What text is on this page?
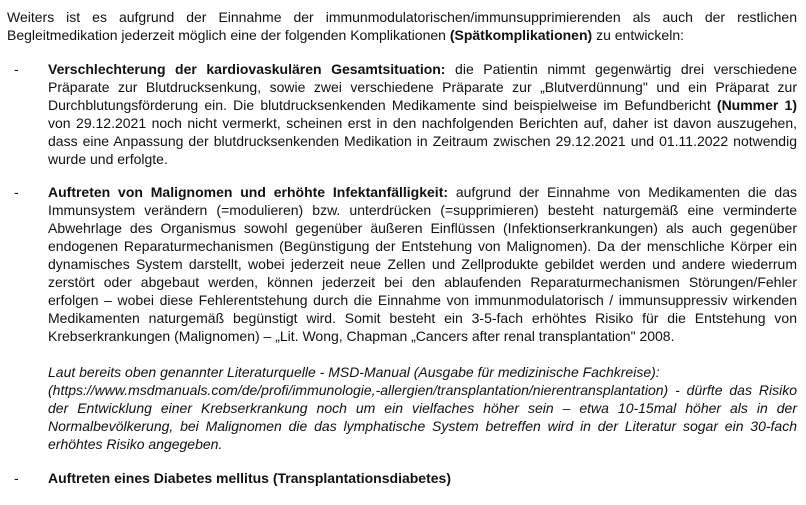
Weiters ist es aufgrund der Einnahme der immunmodulatorischen/immunsupprimierenden als auch der restlichen Begleitmedikation jederzeit möglich eine der folgenden Komplikationen (Spätkomplikationen) zu entwickeln:

- Verschlechterung der kardiovaskulären Gesamtsituation: die Patientin nimmt gegenwärtig drei verschiedene Präparate zur Blutdrucksenkung, sowie zwei verschiedene Präparate zur „Blutverdünnung" und ein Präparat zur Durchblutungsförderung ein. Die blutdrucksenkenden Medikamente sind beispielweise im Befundbericht (Nummer 1) von 29.12.2021 noch nicht vermerkt, scheinen erst in den nachfolgenden Berichten auf, daher ist davon auszugehen, dass eine Anpassung der blutdrucksenkenden Medikation in Zeitraum zwischen 29.12.2021 und 01.11.2022 notwendig wurde und erfolgte.

- Auftreten von Malignomen und erhöhte Infektanfälligkeit: aufgrund der Einnahme von Medikamenten die das Immunsystem verändern (=modulieren) bzw. unterdrücken (=supprimieren) besteht naturgemäß eine verminderte Abwehrlage des Organismus sowohl gegenüber äußeren Einflüssen (Infektionserkrankungen) als auch gegenüber endogenen Reparaturmechanismen (Begünstigung der Entstehung von Malignomen). Da der menschliche Körper ein dynamisches System darstellt, wobei jederzeit neue Zellen und Zellprodukte gebildet werden und andere wiederrum zerstört oder abgebaut werden, können jederzeit bei den ablaufenden Reparaturmechanismen Störungen/Fehler erfolgen – wobei diese Fehlerentstehung durch die Einnahme von immunmodulatorisch / immunsuppressiv wirkenden Medikamenten naturgemäß begünstigt wird. Somit besteht ein 3-5-fach erhöhtes Risiko für die Entstehung von Krebserkrankungen (Malignomen) – „Lit. Wong, Chapman „Cancers after renal transplantation" 2008.

Laut bereits oben genannter Literaturquelle - MSD-Manual (Ausgabe für medizinische Fachkreise):
(https://www.msdmanuals.com/de/profi/immunologie,-allergien/transplantation/nierentransplantation) - dürfte das Risiko der Entwicklung einer Krebserkrankung noch um ein vielfaches höher sein – etwa 10-15mal höher als in der Normalbevölkerung, bei Malignomen die das lymphatische System betreffen wird in der Literatur sogar ein 30-fach erhöhtes Risiko angegeben.

- Auftreten eines Diabetes mellitus (Transplantationsdiabetes)
